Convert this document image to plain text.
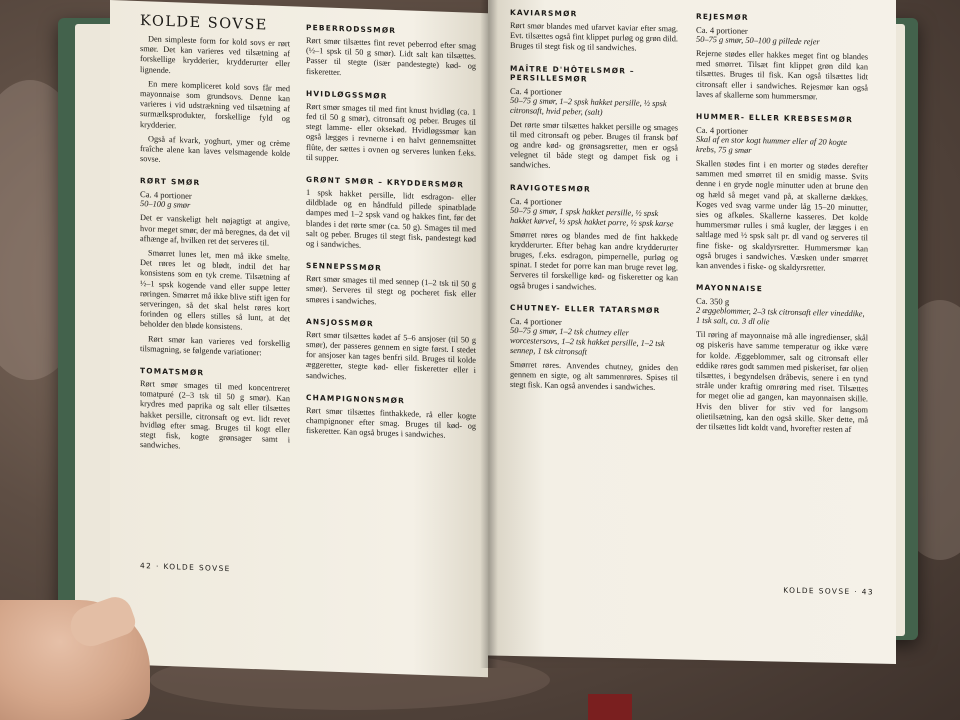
KOLDE SOVSE
Den simpleste form for kold sovs er rørt smør. Det kan varieres ved tilsætning af forskellige krydderier, krydderurter eller lignende.
En mere kompliceret kold sovs får med mayonnaise som grundsovs. Denne kan varieres i vid udstrækning ved tilsætning af surmælksprodukter, forskellige fyld og krydderier.
Også af kvark, yoghurt, ymer og crème fraîche alene kan laves velsmagende kolde sovse.
RØRT SMØR
Ca. 4 portioner
50–100 g smør
Det er vanskeligt helt nøjagtigt at angive, hvor meget smør, der må beregnes, da det vil afhænge af, hvilken ret det serveres til.
Smørret lunes let, men må ikke smelte. Det røres let og blødt, indtil det har konsistens som en tyk creme. Tilsætning af ½–1 spsk kogende vand eller suppe letter røringen. Smørret må ikke blive stift igen for serveringen, så det skal helst røres kort forinden og ellers stilles så lunt, at det beholder den bløde konsistens.
Rørt smør kan varieres ved forskellig tilsmagning, se følgende variationer:
TOMATSMØR
Rørt smør smages til med koncentreret tomatpuré (2–3 tsk til 50 g smør). Kan krydres med paprika og salt eller tilsættes hakket persille, citronsaft og evt. lidt revet hvidløg efter smag. Bruges til kogt eller stegt fisk, kogte grønsager samt i sandwiches.
PEBERRODSSMØR
Rørt smør tilsættes fint revet peberrod efter smag (½–1 spsk til 50 g smør). Lidt salt kan tilsættes. Passer til stegte (især pandestegte) kød- og fiskeretter.
HVIDLØGSSMØR
Rørt smør smages til med fint knust hvidløg (ca. 1 fed til 50 g smør), citronsaft og peber. Bruges til stegt lamme- eller oksekød. Hvidløgssmør kan også lægges i revnerne i en halvt gennemsnittet flûte, der sættes i ovnen og serveres lunken f.eks. til supper.
GRØNT SMØR – KRYDDERSMØR
1 spsk hakket persille, lidt esdragon- eller dildblade og en håndfuld pillede spinatblade dampes med 1–2 spsk vand og hakkes fint, før det blandes i det rørte smør (ca. 50 g). Smages til med salt og peber. Bruges til stegt fisk, pandestegt kød og i sandwiches.
SENNEPSSMØR
Rørt smør smages til med sennep (1–2 tsk til 50 g smør). Serveres til stegt og pocheret fisk eller smøres i sandwiches.
ANSJOSSMØR
Rørt smør tilsættes kødet af 5–6 ansjoser (til 50 g smør), der passeres gennem en sigte først. I stedet for ansjoser kan tages benfri sild. Bruges til kolde æggeretter, stegte kød- eller fiskeretter eller i sandwiches.
CHAMPIGNONSMØR
Rørt smør tilsættes finthakkede, rå eller kogte champignoner efter smag. Bruges til kød- og fiskeretter. Kan også bruges i sandwiches.
42 · KOLDE SOVSE
KAVIARSMØR
Rørt smør blandes med ufarvet kaviar efter smag. Evt. tilsættes også fint klippet purløg og grøn dild. Bruges til stegt fisk og til sandwiches.
MAÎTRE D'HÔTELSMØR – PERSILLESMØR
Ca. 4 portioner
50–75 g smør, 1–2 spsk hakket persille, ½ spsk citronsaft, hvid peber, (salt)
Det rørte smør tilsættes hakket persille og smages til med citronsaft og peber. Bruges til fransk bøf og andre kød- og grønsagsretter, men er også velegnet til både stegt og dampet fisk og i sandwiches.
RAVIGOTESMØR
Ca. 4 portioner
50–75 g smør, 1 spsk hakket persille, ½ spsk hakket kørvel, ½ spsk hakket porre, ½ spsk karse
Smørret røres og blandes med de fint hakkede krydderurter. Efter behag kan andre krydderurter bruges, f.eks. esdragon, pimpernelle, purløg og spinat. I stedet for porre kan man bruge revet løg. Serveres til forskellige kød- og fiskeretter og kan også bruges i sandwiches.
CHUTNEY- ELLER TATARSMØR
Ca. 4 portioner
50–75 g smør, 1–2 tsk chutney eller worcestersovs, 1–2 tsk hakket persille, 1–2 tsk sennep, 1 tsk citronsaft
Smørret røres. Anvendes chutney, gnides den gennem en sigte, og alt sammenrøres. Spises til stegt fisk. Kan også anvendes i sandwiches.
REJESMØR
Ca. 4 portioner
50–75 g smør, 50–100 g pillede rejer
Rejerne stødes eller hakkes meget fint og blandes med smørret. Tilsæt fint klippet grøn dild kan tilsættes. Bruges til fisk. Kan også tilsættes lidt citronsaft eller i sandwiches. Rejesmør kan også laves af skallerne som hummersmør.
HUMMER- ELLER KREBSESMØR
Ca. 4 portioner
Skal af en stor kogt hummer eller af 20 kogte krebs, 75 g smør
Skallen stødes fint i en morter og stødes derefter sammen med smørret til en smidig masse. Svits denne i en gryde nogle minutter uden at brune den og hæld så meget vand på, at skallerne dækkes. Koges ved svag varme under låg 15–20 minutter, sies og afkøles. Skallerne kasseres. Det kolde hummersmør rulles i små kugler, der lægges i en saltlage med ½ spsk salt pr. dl vand og serveres til fine fiske- og skaldyrsretter. Hummersmør kan også bruges i sandwiches. Væsken under smørret kan anvendes i fiske- og skaldyrsretter.
MAYONNAISE
Ca. 350 g
2 æggeblommer, 2–3 tsk citronsaft eller vineddike, 1 tsk salt, ca. 3 dl olie
Til røring af mayonnaise må alle ingredienser, skål og piskeris have samme temperatur og ikke være for kolde. Æggeblommer, salt og citronsaft eller eddike røres godt sammen med piskeriset, før olien tilsættes, i begyndelsen dråbevis, senere i en tynd stråle under kraftig omrøring med riset. Tilsættes for meget olie ad gangen, kan mayonnaisen skille. Hvis den bliver for stiv ved for langsom olietilsætning, kan den også skille. Sker dette, må der tilsættes lidt koldt vand, hvorefter resten af
KOLDE SOVSE · 43
